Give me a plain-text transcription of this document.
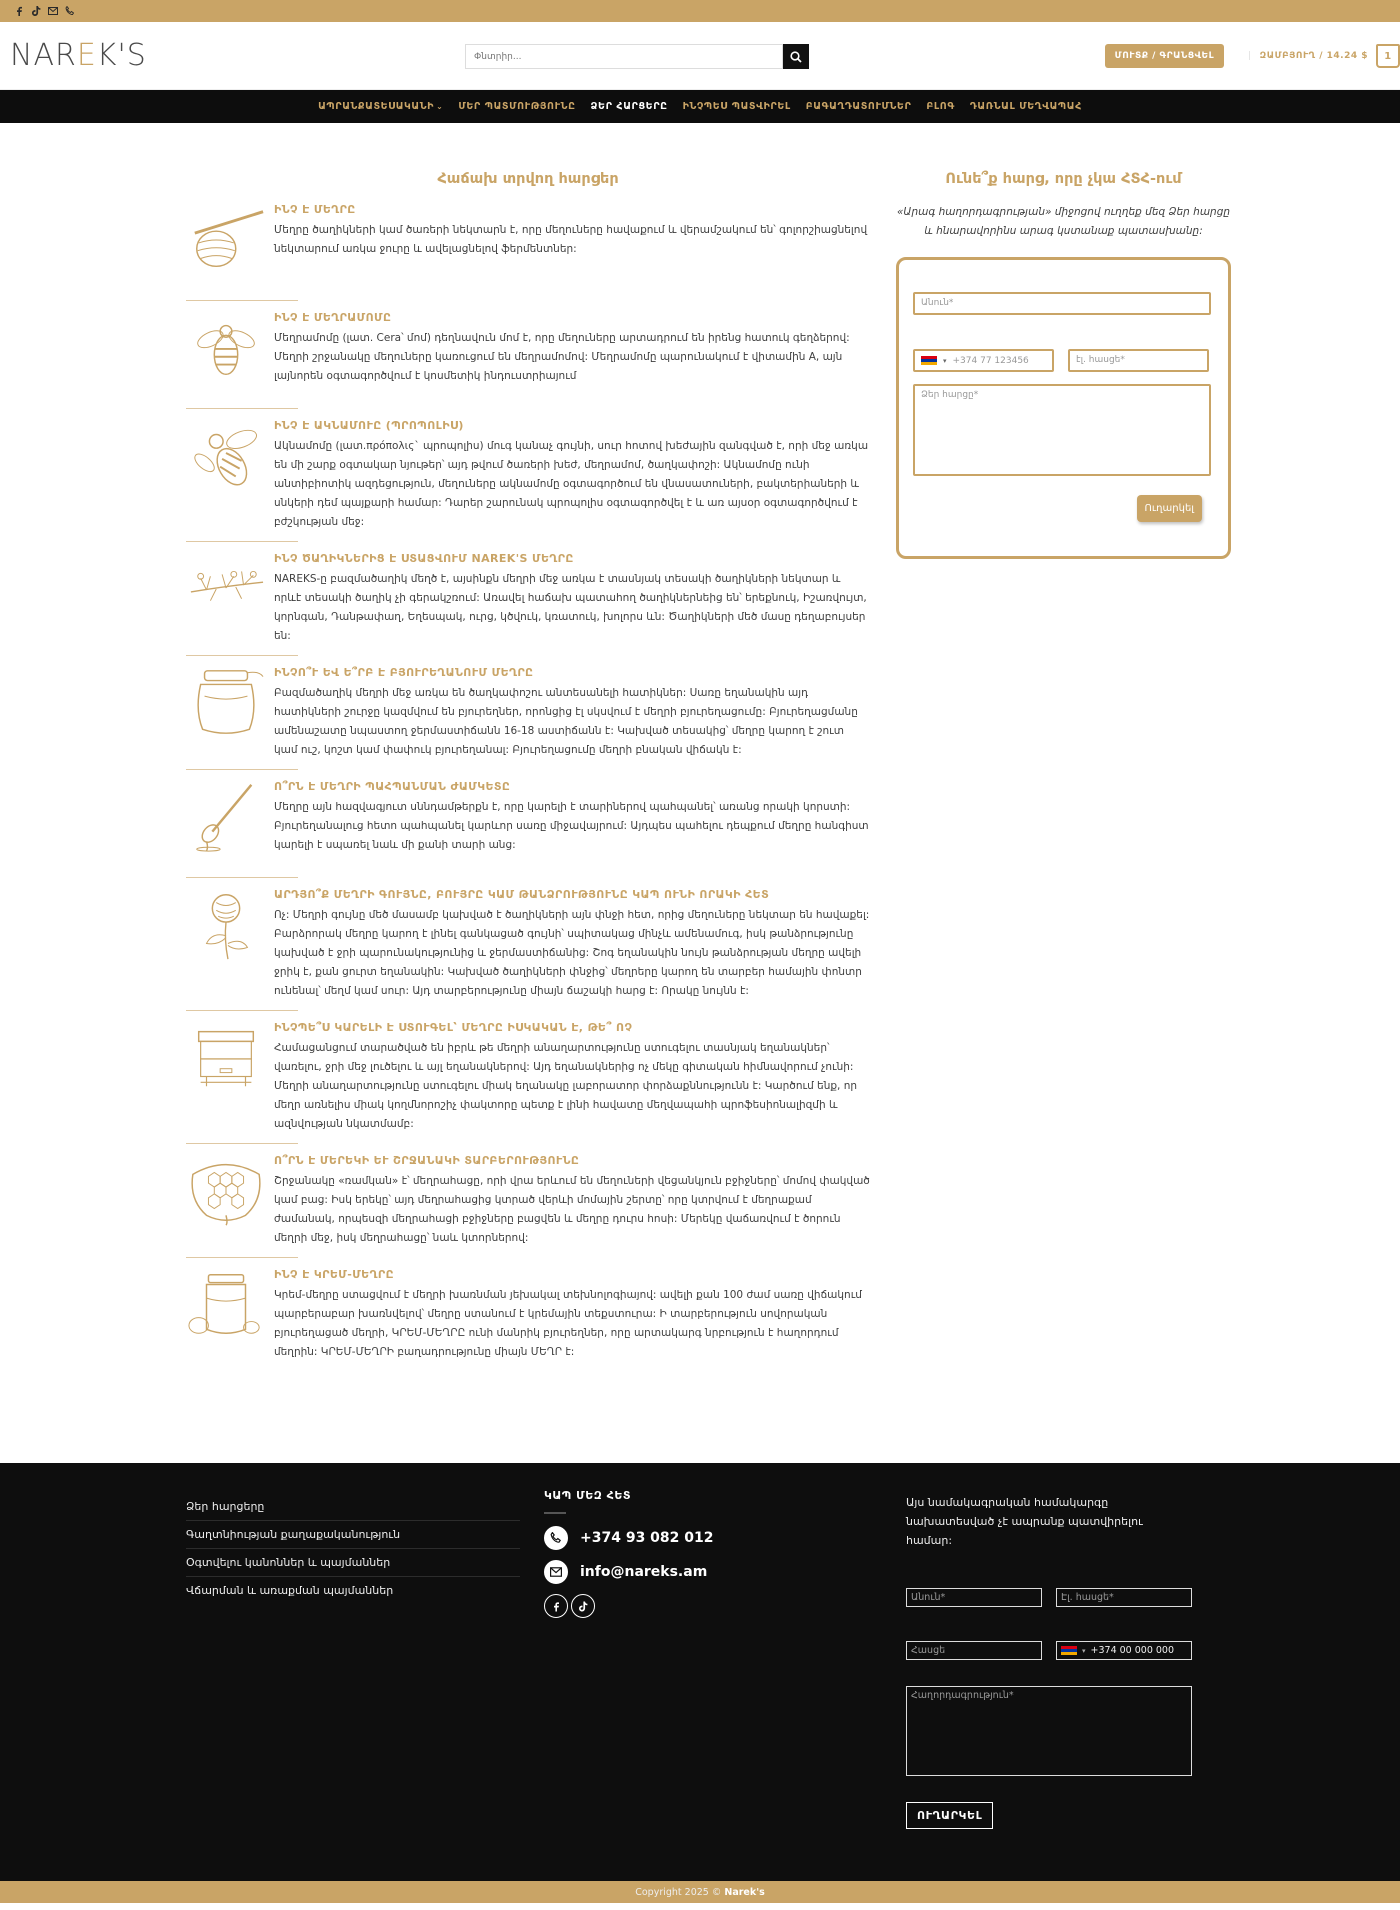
NAREK'S
Փնտրիր...	ՄՈՒՏՔ / ԳՐԱՆՑՎԵԼ	| ԶԱՄԲՅՈՒՂ / 14.24 $	1
ԱՊՐԱՆՔԱՏԵՍԱԿԱՆԻ ⌄ ՄԵՐ ՊԱՏՄՈՒԹՅՈՒՆԸ ՁԵՐ ՀԱՐՑԵՐԸ ԻՆՉՊԵՍ ՊԱՏՎԻՐԵԼ ԲԱԳԱՂԴԱՏՈՒՄՆԵՐ ԲԼՈԳ ԴԱՌՆԱԼ ՄԵՂՎԱՊԱՀ
Հաճախ տրվող հարցեր
ԻՆՉ Է ՄԵՂՐԸ
Մեղրը ծաղիկների կամ ծառերի նեկտարն է, որը մեղուները հավաքում և վերամշակում են՝ գոլորշիացնելով նեկտարում առկա ջուրը և ավելացնելով ֆերմենտներ:
ԻՆՉ Է ՄԵՂՐԱՄՈՄԸ
Մեղրամոմը (լատ. Cera՝ մոմ) դեղնավուն մոմ է, որը մեղուները արտադրում են իրենց հատուկ գեղձերով: Մեղրի շրջանակը մեղուները կառուցում են մեղրամոմով: Մեղրամոմը պարունակում է վիտամին A, այն լայնորեն օգտագործվում է կոսմետիկ ինդուստրիայում
ԻՆՉ Է ԱԿՆԱՄՈՒԸ (ՊՐՈՊՈԼԻՍ)
Ակնամոմը (լատ.πρόπολις` պրոպոլիս) մուգ կանաչ գույնի, սուր հոտով խեժային զանգված է, որի մեջ առկա են մի շարք օգտակար նյութեր՝ այդ թվում ծառերի խեժ, մեղրամոմ, ծաղկափոշի: Ակնամոմը ունի անտիբիոտիկ ազդեցություն, մեղուները ակնամոմը օգտագործում են վնասատուների, բակտերիաների և սնկերի դեմ պայքարի համար: Դարեր շարունակ պրոպոլիս օգտագործվել է և առ այսօր օգտագործվում է բժշկության մեջ:
ԻՆՉ ԾԱՂԻԿՆԵՐԻՑ Է ՍՏԱՑՎՈՒՄ NAREK'S ՄԵՂՐԸ
NAREKS-ը բազմածաղիկ մեղծ է, այսինքն մեղրի մեջ առկա է տասնյակ տեսակի ծաղիկների նեկտար և որևէ տեսակի ծաղիկ չի գերակշռում: Առավել հաճախ պատահող ծաղիկներնեից են՝ երեքնուկ, Իշառվույտ, կորնգան, Դանթափաղ, Եղեսպակ, ուրց, կծվուկ, կռատուկ, խոլորս ևն: Ծաղիկների մեծ մասը դեղաբույսեր են:
ԻՆՉՈ՞Ւ ԵՎ Ե՞ՐԲ Է ԲՅՈՒՐԵՂԱՆՈՒՄ ՄԵՂՐԸ
Բազմածաղիկ մեղրի մեջ առկա են ծաղկափոշու անտեսանելի հատիկներ: Սառը եղանակին այդ հատիկների շուրջը կազմվում են բյուրեղներ, որոնցից էլ սկսվում է մեղրի բյուրեղացումը: Բյուրեղացմանը ամենաշատը նպաստող ջերմաստիճանն 16-18 աստիճանն է: Կախված տեսակից՝ մեղրը կարող է շուտ կամ ուշ, կոշտ կամ փափուկ բյուրեղանալ: Բյուրեղացումը մեղրի բնական վիճակն է:
Ո՞ՐՆ Է ՄԵՂՐԻ ՊԱՀՊԱՆՄԱՆ ԺԱՄԿԵՏԸ
Մեղրը այն հազվագյուտ սննդամթերքն է, որը կարելի է տարիներով պահպանել՝ առանց որակի կորստի: Բյուրեղանալուց հետո պահպանել կարևոր սառը միջավայրում: Այդպես պահելու դեպքում մեղրը հանգիստ կարելի է սպառել նաև մի քանի տարի անց:
ԱՐԴՅՈ՞Ք ՄԵՂՐԻ ԳՈՒՅՆԸ, ԲՈՒՅՐԸ ԿԱՄ ԹԱՆՁՐՈՒԹՅՈՒՆԸ ԿԱՊ ՈՒՆԻ ՈՐԱԿԻ ՀԵՏ
Ոչ: Մեղրի գույնը մեծ մասամբ կախված է ծաղիկների այն փնջի հետ, որից մեղուները նեկտար են հավաքել: Բարձրորակ մեղրը կարող է լինել գանկացած գույնի՝ սպիտակաց մինչև ամենամուգ, իսկ թանձրությունը կախված է ջրի պարունակությունից և ջերմաստիճանից: Շոգ եղանակին նույն թանձրության մեղրը ավելի ջրիկ է, քան ցուրտ եղանակին: Կախված ծաղիկների փնջից՝ մեղրերը կարող են տարբեր համային փոնտր ունենալ՝ մեղմ կամ սուր: Այդ տարբերությունը միայն ճաշակի հարց է: Որակը նույնն է:
ԻՆՉՊԵ՞Ս ԿԱՐԵԼԻ Է ՍՏՈՒԳԵԼ՝ ՄԵՂՐԸ ԻՍԿԱԿԱՆ Է, ԹԵ՞ ՈՉ
Համացանցում տարածված են իբրև թե մեղրի անաղարտությունը ստուգելու տասնյակ եղանակներ՝ վառելու, ջրի մեջ լուծելու և այլ եղանակներով: Այդ եղանակներից ոչ մեկը գիտական հիմնավորում չունի: Մեղրի անաղարտությունը ստուգելու միակ եղանակը լաբորատոր փորձաքննությունն է: Կարծում ենք, որ մեղր առնելիս միակ կողմնորոշիչ փակտորը պետք է լինի հավատը մեղվապահի պրոֆեսիոնալիզմի և ազնվության նկատմամբ:
Ո՞ՐՆ Է ՄԵՐԵԿԻ ԵՒ ՇՐՋԱՆԱԿԻ ՏԱՐԲԵՐՈՒԹՅՈՒՆԸ
Շրջանակը «ռամկան» է՝ մեղրահացը, որի վրա երևում են մեղուների վեցանկյուն բջիջները՝ մոմով փակված կամ բաց: Իսկ երեկը՝ այդ մեղրահացից կտրած վերևի մոմային շերտը՝ որը կտրվում է մեղրաքամ ժամանակ, որպեսզի մեղրահացի բջիջները բացվեն և մեղրը դուրս հոսի: Մերեկը վաճառվում է ծորուն մեղրի մեջ, իսկ մեղրահացը՝ նաև կտորներով:
ԻՆՉ Է ԿՐԵՄ-ՄԵՂՐԸ
Կրեմ-մեղրը ստացվում է մեղրի խառնման յեխակալ տեխնոլոգիայով: ավելի քան 100 ժամ սառը վիճակում պարբերաբար խառնվելով՝ մեղրը ստանում է կրեմային տեքստուրա: Ի տարբերություն սովորական բյուրեղացած մեղրի, ԿՐԵՄ-ՄԵՂՐԸ ունի մանրիկ բյուրեղներ, որը արտակարգ նրբություն է հաղորդում մեղրին: ԿՐԵՄ-ՄԵՂՐԻ բաղադրությունը միայն ՄԵՂՐ է:
Ունե՞ք հարց, որը չկա ՀՏՀ-ում
«Արագ հաղորդագրության» միջոցով ուղղեք մեզ Ձեր հարցը և հնարավորինս արագ կստանաք պատասխանը:
Անուն*
▾ +374 77 123456	էլ. հասցե*
Ձեր հարցը*
Ուղարկել
Ձեր հարցերը
Գաղտնիության քաղաքականություն
Օգտվելու կանոններ և պայմաններ
Վճարման և առաքման պայմաններ
ԿԱՊ ՄԵԶ ՀԵՏ
+374 93 082 012
info@nareks.am
Այս նամակագրական համակարգը նախատեսված չէ ապրանք պատվիրելու համար:
Անուն*	Էլ. հասցե*
Հասցե	▾ +374 00 000 000
Հաղորդագրություն*
ՈՒՂԱՐԿԵԼ
Copyright 2025 ©
Narek's
